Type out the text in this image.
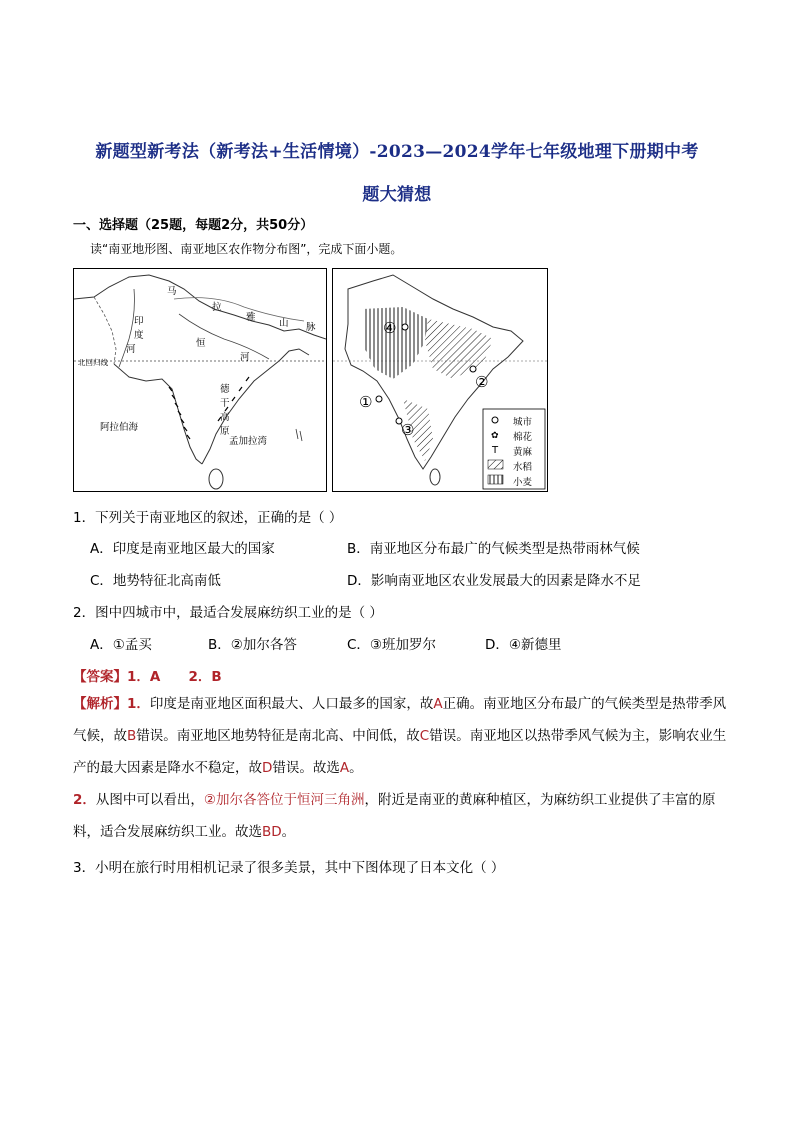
新题型新考法（新考法+生活情境）-2023—2024学年七年级地理下册期中考
题大猜想
一、选择题（25题，每题2分，共50分）
读“南亚地形图、南亚地区农作物分布图”，完成下面小题。
马
拉
雅
山 脉
恒
河
印
度
河
北回归线
德
干
高
原
阿拉伯海
孟加拉湾	✿
T
①
②
③
④
城市
棉花
黄麻
水稻
小麦
1．下列关于南亚地区的叙述，正确的是（ ）
A．印度是南亚地区最大的国家	B．南亚地区分布最广的气候类型是热带雨林气候
C．地势特征北高南低	D．影响南亚地区农业发展最大的因素是降水不足
2．图中四城市中，最适合发展麻纺织工业的是（ ）
A．①孟买	B．②加尔各答	C．③班加罗尔	D．④新德里
【答案】1．A      2．B
【解析】1．印度是南亚地区面积最大、人口最多的国家，故A正确。南亚地区分布最广的气候类型是热带季风气候，故B错误。南亚地区地势特征是南北高、中间低，故C错误。南亚地区以热带季风气候为主，影响农业生产的最大因素是降水不稳定，故D错误。故选A。
2．从图中可以看出，②加尔各答位于恒河三角洲，附近是南亚的黄麻种植区，为麻纺织工业提供了丰富的原料，适合发展麻纺织工业。故选BD。
3．小明在旅行时用相机记录了很多美景，其中下图体现了日本文化（ ）
